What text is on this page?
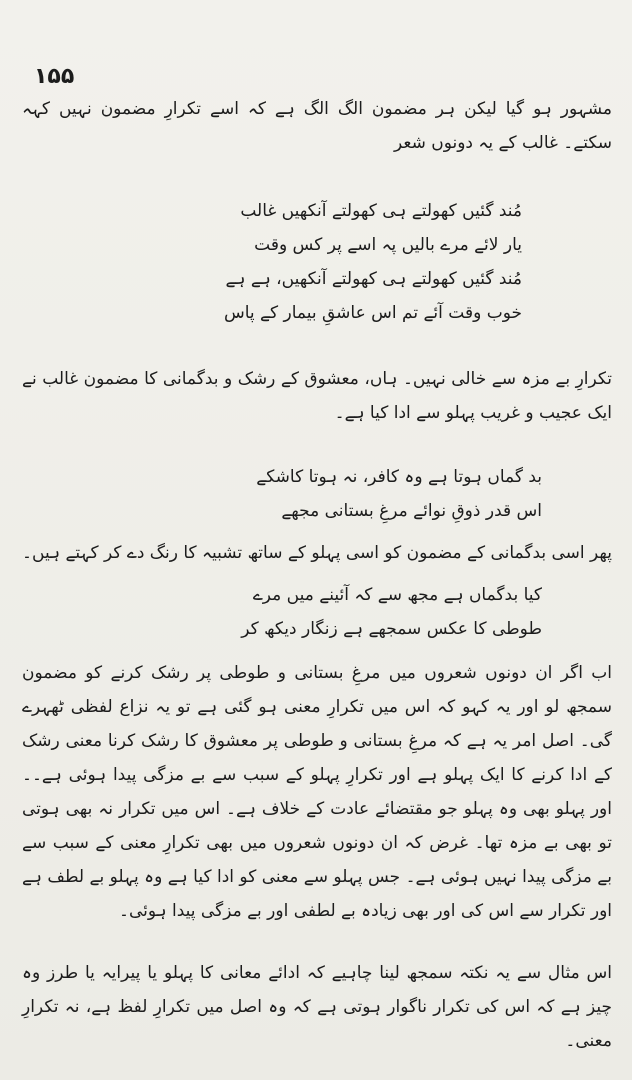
۱۵۵
مشہور ہو گیا لیکن ہر مضمون الگ الگ ہے کہ اسے تکرارِ مضمون نہیں کہہ سکتے۔ غالب کے یہ دونوں شعر
مُند گئیں کھولتے ہی کھولتے آنکھیں غالب
یار لائے مرے بالیں پہ اسے پر کس وقت
مُند گئیں کھولتے ہی کھولتے آنکھیں، ہے ہے
خوب وقت آئے تم اس عاشقِ بیمار کے پاس
تکرارِ بے مزہ سے خالی نہیں۔ ہاں، معشوق کے رشک و بدگمانی کا مضمون غالب نے ایک عجیب و غریب پہلو سے ادا کیا ہے۔
بد گماں ہوتا ہے وہ کافر، نہ ہوتا کاشکے
اس قدر ذوقِ نوائے مرغِ بستانی مجھے
پھر اسی بدگمانی کے مضمون کو اسی پہلو کے ساتھ تشبیہ کا رنگ دے کر کہتے ہیں۔
کیا بدگماں ہے مجھ سے کہ آئینے میں مرے
طوطی کا عکس سمجھے ہے زنگار دیکھ کر
اب اگر ان دونوں شعروں میں مرغِ بستانی و طوطی پر رشک کرنے کو مضمون سمجھ لو اور یہ کہو کہ اس میں تکرارِ معنی ہو گئی ہے تو یہ نزاع لفظی ٹھہرے گی۔ اصل امر یہ ہے کہ مرغِ بستانی و طوطی پر معشوق کا رشک کرنا معنی رشک کے ادا کرنے کا ایک پہلو ہے اور تکرارِ پہلو کے سبب سے بے مزگی پیدا ہوئی ہے۔۔ اور پہلو بھی وہ پہلو جو مقتضائے عادت کے خلاف ہے۔ اس میں تکرار نہ بھی ہوتی تو بھی بے مزہ تھا۔ غرض کہ ان دونوں شعروں میں بھی تکرارِ معنی کے سبب سے بے مزگی پیدا نہیں ہوئی ہے۔ جس پہلو سے معنی کو ادا کیا ہے وہ پہلو بے لطف ہے اور تکرار سے اس کی اور بھی زیادہ بے لطفی اور بے مزگی پیدا ہوئی۔
اس مثال سے یہ نکتہ سمجھ لینا چاہیے کہ ادائے معانی کا پہلو یا پیرایہ یا طرز وہ چیز ہے کہ اس کی تکرار ناگوار ہوتی ہے کہ وہ اصل میں تکرارِ لفظ ہے، نہ تکرارِ معنی۔
